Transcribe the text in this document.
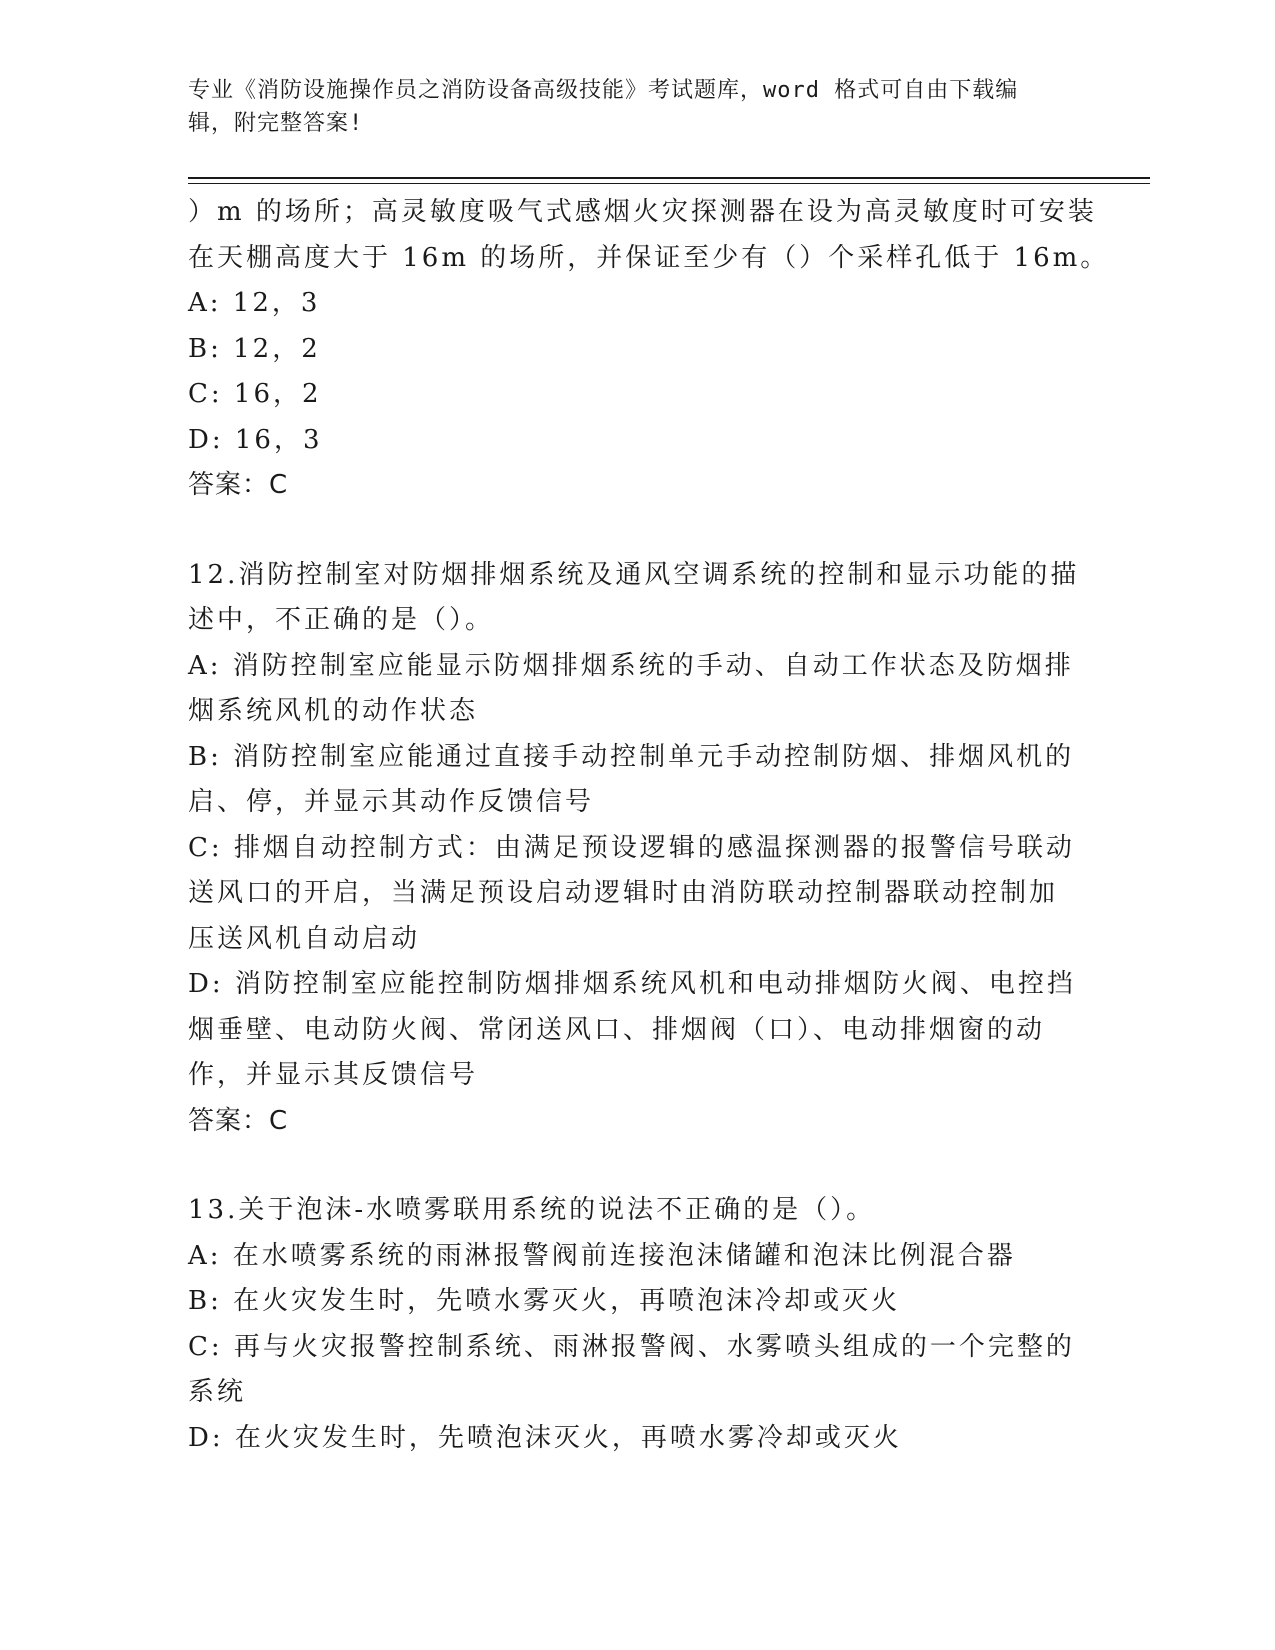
专业《消防设施操作员之消防设备高级技能》考试题库，word 格式可自由下载编
辑，附完整答案!
）m 的场所；高灵敏度吸气式感烟火灾探测器在设为高灵敏度时可安装
在天棚高度大于 16m 的场所，并保证至少有（）个采样孔低于 16m。
A: 12，3
B: 12，2
C: 16，2
D: 16，3
答案：C
12.消防控制室对防烟排烟系统及通风空调系统的控制和显示功能的描
述中，不正确的是（）。
A: 消防控制室应能显示防烟排烟系统的手动、自动工作状态及防烟排
烟系统风机的动作状态
B: 消防控制室应能通过直接手动控制单元手动控制防烟、排烟风机的
启、停，并显示其动作反馈信号
C: 排烟自动控制方式：由满足预设逻辑的感温探测器的报警信号联动
送风口的开启，当满足预设启动逻辑时由消防联动控制器联动控制加
压送风机自动启动
D: 消防控制室应能控制防烟排烟系统风机和电动排烟防火阀、电控挡
烟垂壁、电动防火阀、常闭送风口、排烟阀（口）、电动排烟窗的动
作，并显示其反馈信号
答案：C
13.关于泡沫-水喷雾联用系统的说法不正确的是（）。
A: 在水喷雾系统的雨淋报警阀前连接泡沫储罐和泡沫比例混合器
B: 在火灾发生时，先喷水雾灭火，再喷泡沫冷却或灭火
C: 再与火灾报警控制系统、雨淋报警阀、水雾喷头组成的一个完整的
系统
D: 在火灾发生时，先喷泡沫灭火，再喷水雾冷却或灭火
